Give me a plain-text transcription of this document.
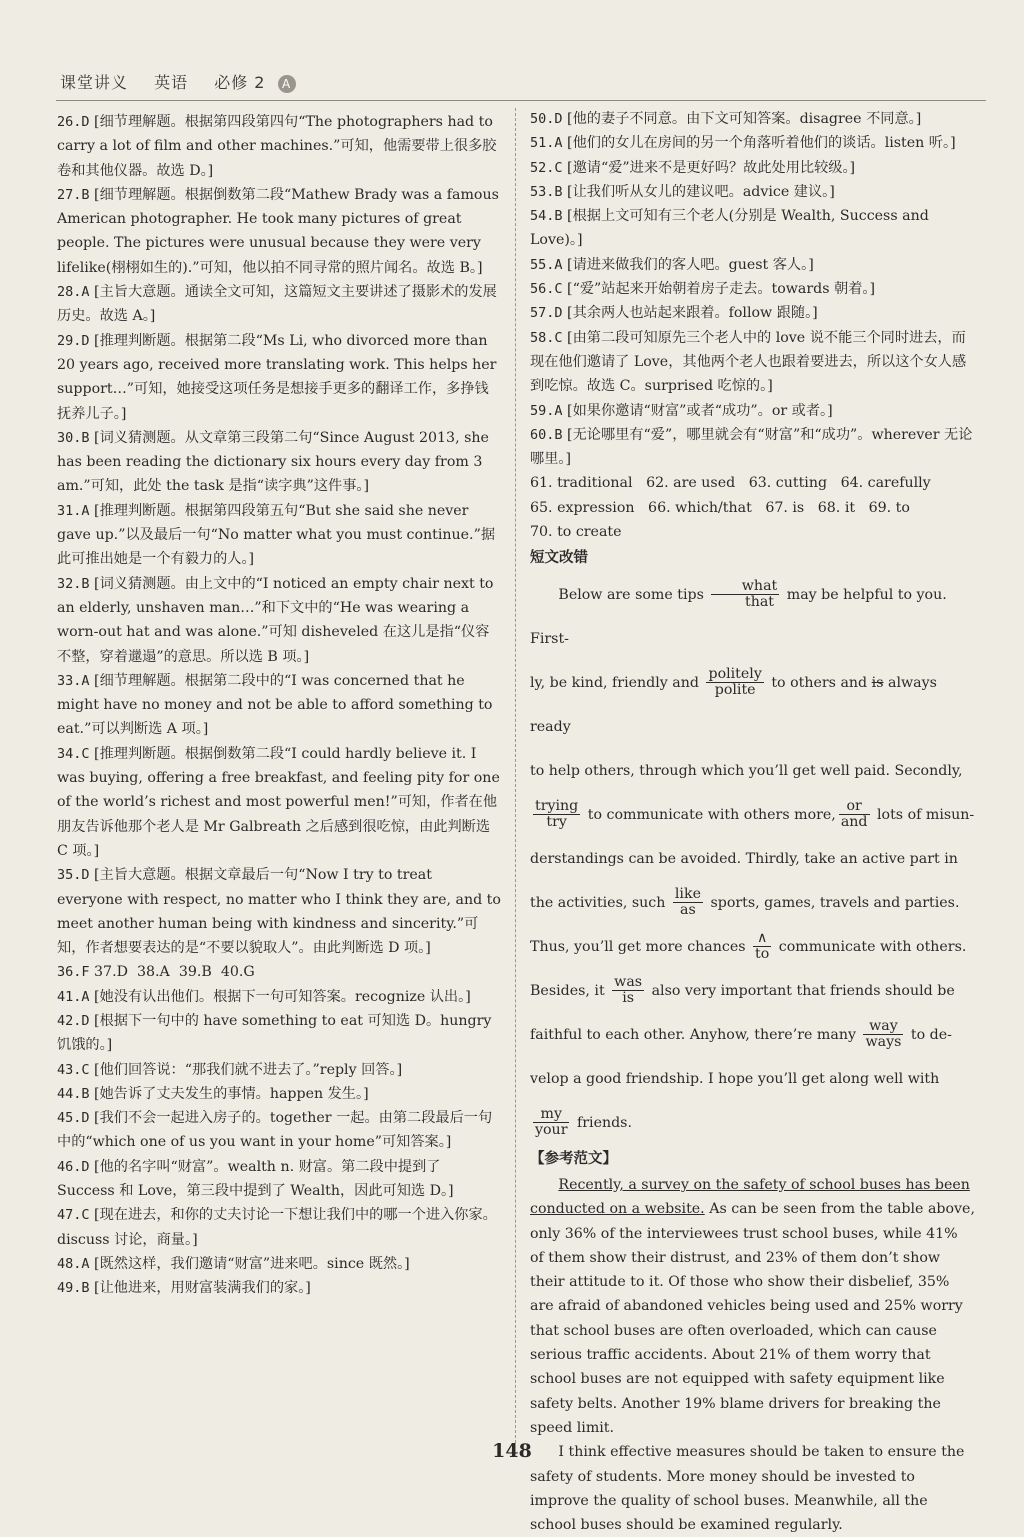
课堂讲义 英语 必修 2 A

26.D [细节理解题。根据第四段第四句“The photographers had to carry a lot of film and other machines.”可知，他需要带上很多胶卷和其他仪器。故选 D。]

27.B [细节理解题。根据倒数第二段“Mathew Brady was a famous American photographer. He took many pictures of great people. The pictures were unusual because they were very lifelike(栩栩如生的).”可知，他以拍不同寻常的照片闻名。故选 B。]

28.A [主旨大意题。通读全文可知，这篇短文主要讲述了摄影术的发展历史。故选 A。]

29.D [推理判断题。根据第二段“Ms Li, who divorced more than 20 years ago, received more translating work. This helps her support…”可知，她接受这项任务是想接手更多的翻译工作，多挣钱抚养儿子。]

30.B [词义猜测题。从文章第三段第二句“Since August 2013, she has been reading the dictionary six hours every day from 3 am.”可知，此处 the task 是指“读字典”这件事。]

31.A [推理判断题。根据第四段第五句“But she said she never gave up.”以及最后一句“No matter what you must continue.”据此可推出她是一个有毅力的人。]

32.B [词义猜测题。由上文中的“I noticed an empty chair next to an elderly, unshaven man…”和下文中的“He was wearing a worn-out hat and was alone.”可知 disheveled 在这儿是指“仪容不整，穿着邋遢”的意思。所以选 B 项。]

33.A [细节理解题。根据第二段中的“I was concerned that he might have no money and not be able to afford something to eat.”可以判断选 A 项。]

34.C [推理判断题。根据倒数第二段“I could hardly believe it. I was buying, offering a free breakfast, and feeling pity for one of the world’s richest and most powerful men!”可知，作者在他朋友告诉他那个老人是 Mr Galbreath 之后感到很吃惊，由此判断选 C 项。]

35.D [主旨大意题。根据文章最后一句“Now I try to treat everyone with respect, no matter who I think they are, and to meet another human being with kindness and sincerity.”可知，作者想要表达的是“不要以貌取人”。由此判断选 D 项。]

36.F 37.D  38.A  39.B  40.G

41.A [她没有认出他们。根据下一句可知答案。recognize 认出。]

42.D [根据下一句中的 have something to eat 可知选 D。hungry 饥饿的。]

43.C [他们回答说：“那我们就不进去了。”reply 回答。]

44.B [她告诉了丈夫发生的事情。happen 发生。]

45.D [我们不会一起进入房子的。together 一起。由第二段最后一句中的“which one of us you want in your home”可知答案。]

46.D [他的名字叫“财富”。wealth n. 财富。第二段中提到了 Success 和 Love，第三段中提到了 Wealth，因此可知选 D。]

47.C [现在进去，和你的丈夫讨论一下想让我们中的哪一个进入你家。discuss 讨论，商量。]

48.A [既然这样，我们邀请“财富”进来吧。since 既然。]

49.B [让他进来，用财富装满我们的家。]

50.D [他的妻子不同意。由下文可知答案。disagree 不同意。]

51.A [他们的女儿在房间的另一个角落听着他们的谈话。listen 听。]

52.C [邀请“爱”进来不是更好吗？故此处用比较级。]

53.B [让我们听从女儿的建议吧。advice 建议。]

54.B [根据上文可知有三个老人(分别是 Wealth, Success and Love)。]

55.A [请进来做我们的客人吧。guest 客人。]

56.C [“爱”站起来开始朝着房子走去。towards 朝着。]

57.D [其余两人也站起来跟着。follow 跟随。]

58.C [由第二段可知原先三个老人中的 love 说不能三个同时进去，而现在他们邀请了 Love，其他两个老人也跟着要进去，所以这个女人感到吃惊。故选 C。surprised 吃惊的。]

59.A [如果你邀请“财富”或者“成功”。or 或者。]

60.B [无论哪里有“爱”，哪里就会有“财富”和“成功”。wherever 无论哪里。]

61. traditional   62. are used   63. cutting   64. carefully
65. expression   66. which/that   67. is   68. it   69. to
70. to create
短文改错
Below are some tips $\frac{\text{what}}{\text{that}}$ may be helpful to you. First-
ly, be kind, friendly and $\frac{\text{politely}}{\text{polite}}$ to others and is always ready
to help others, through which you’ll get well paid. Secondly,
$\frac{\text{trying}}{\text{try}}$ to communicate with others more, $\frac{or}{\text{and}}$ lots of misun-
derstandings can be avoided. Thirdly, take an active part in
the activities, such $\frac{\text{like}}{as}$ sports, games, travels and parties.
Thus, you’ll get more chances $\frac{\wedge}{to}$ communicate with others.
Besides, it $\frac{\text{was}}{is}$ also very important that friends should be
faithful to each other. Anyhow, there’re many $\frac{\text{way}}{\text{ways}}$ to de-
velop a good friendship. I hope you’ll get along well with
$\frac{my}{\text{your}}$ friends.
【参考范文】

Recently, a survey on the safety of school buses has been conducted on a website. As can be seen from the table above, only 36% of the interviewees trust school buses, while 41% of them show their distrust, and 23% of them don’t show their attitude to it. Of those who show their disbelief, 35% are afraid of abandoned vehicles being used and 25% worry that school buses are often overloaded, which can cause serious traffic accidents. About 21% of them worry that school buses are not equipped with safety equipment like safety belts. Another 19% blame drivers for breaking the speed limit.

I think effective measures should be taken to ensure the safety of students. More money should be invested to improve the quality of school buses. Meanwhile, all the school buses should be examined regularly.

148
